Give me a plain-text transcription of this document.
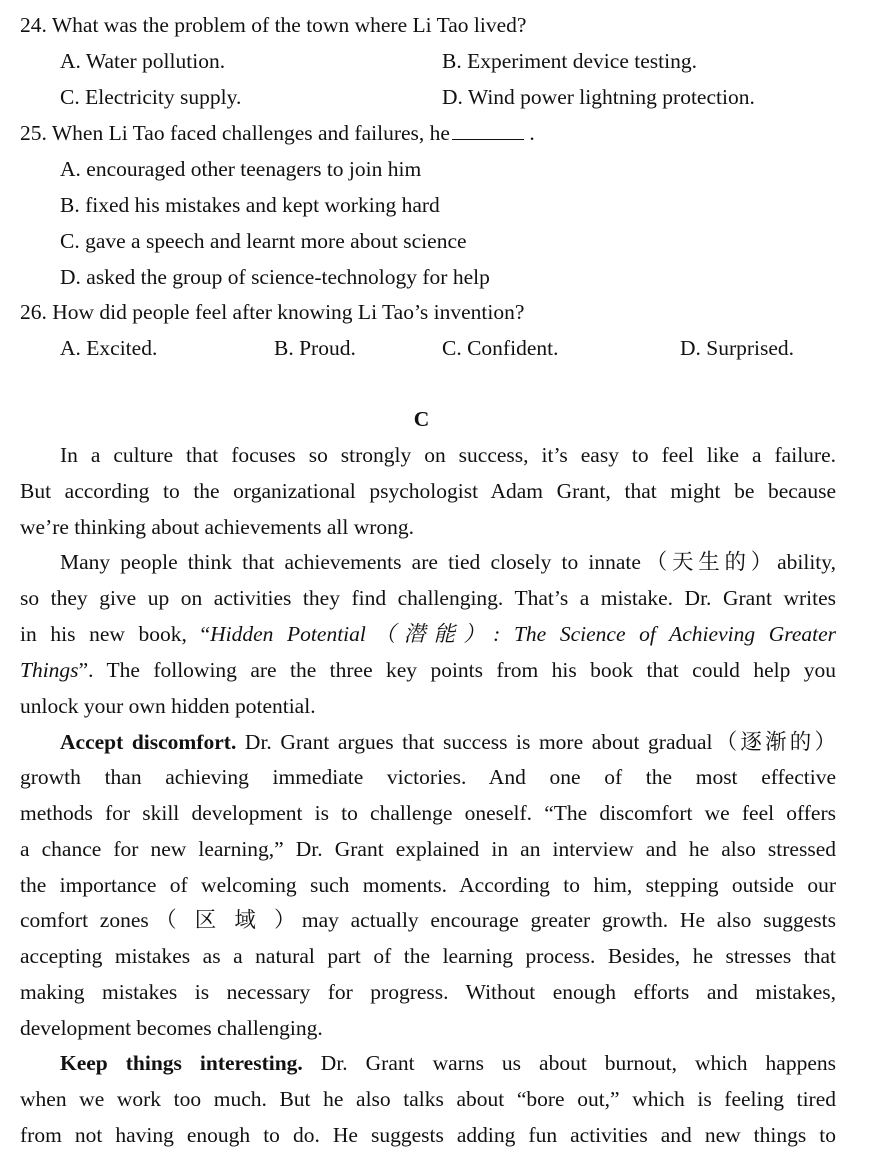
24. What was the problem of the town where Li Tao lived?
A. Water pollution.	B. Experiment device testing.
C. Electricity supply.	D. Wind power lightning protection.
25. When Li Tao faced challenges and failures, he	.
A. encouraged other teenagers to join him
B. fixed his mistakes and kept working hard
C. gave a speech and learnt more about science
D. asked the group of science-technology for help
26. How did people feel after knowing Li Tao’s invention?
A. Excited.	B. Proud.	C. Confident.	D. Surprised.
C
In a culture that focuses so strongly on success, it’s easy to feel like a failure.
But according to the organizational psychologist Adam Grant, that might be because
we’re thinking about achievements all wrong.
Many people think that achievements are tied closely to innate（天生的）ability,
so they give up on activities they find challenging. That’s a mistake. Dr. Grant writes
in his new book, “Hidden Potential（潜能）: The Science of Achieving Greater
Things”. The following are the three key points from his book that could help you
unlock your own hidden potential.
Accept discomfort. Dr. Grant argues that success is more about gradual（逐渐的）
growth than achieving immediate victories. And one of the most effective
methods for skill development is to challenge oneself. “The discomfort we feel offers
a chance for new learning,” Dr. Grant explained in an interview and he also stressed
the importance of welcoming such moments. According to him, stepping outside our
comfort zones（ 区 域 ）may actually encourage greater growth. He also suggests
accepting mistakes as a natural part of the learning process. Besides, he stresses that
making mistakes is necessary for progress. Without enough efforts and mistakes,
development becomes challenging.
Keep things interesting. Dr. Grant warns us about burnout, which happens
when we work too much. But he also talks about “bore out,” which is feeling tired
from not having enough to do. He suggests adding fun activities and new things to
